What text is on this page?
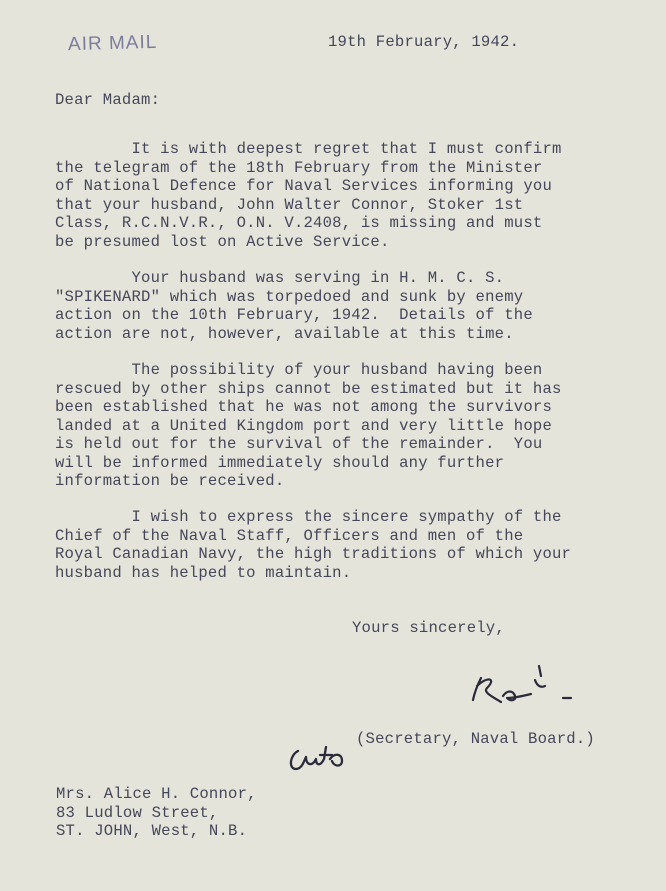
AIR MAIL	19th February, 1942.

Dear Madam:

It is with deepest regret that I must confirm
the telegram of the 18th February from the Minister
of National Defence for Naval Services informing you
that your husband, John Walter Connor, Stoker 1st
Class, R.C.N.V.R., O.N. V.2408, is missing and must
be presumed lost on Active Service.

Your husband was serving in H. M. C. S.
"SPIKENARD" which was torpedoed and sunk by enemy
action on the 10th February, 1942.  Details of the
action are not, however, available at this time.

The possibility of your husband having been
rescued by other ships cannot be estimated but it has
been established that he was not among the survivors
landed at a United Kingdom port and very little hope
is held out for the survival of the remainder.  You
will be informed immediately should any further
information be received.

I wish to express the sincere sympathy of the
Chief of the Naval Staff, Officers and men of the
Royal Canadian Navy, the high traditions of which your
husband has helped to maintain.

Yours sincerely,

(Secretary, Naval Board.)

Mrs. Alice H. Connor,
83 Ludlow Street,
ST. JOHN, West, N.B.
